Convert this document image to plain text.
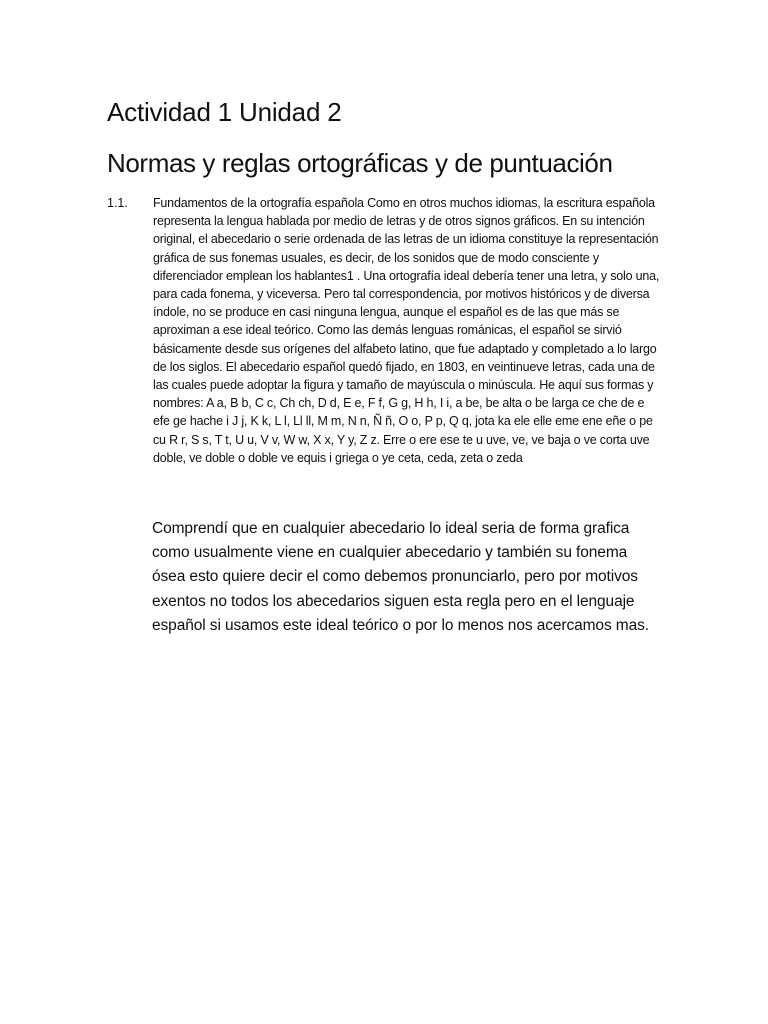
Actividad 1 Unidad 2
Normas y reglas ortográficas y de puntuación
1.1. Fundamentos de la ortografía española Como en otros muchos idiomas, la escritura española representa la lengua hablada por medio de letras y de otros signos gráficos. En su intención original, el abecedario o serie ordenada de las letras de un idioma constituye la representación gráfica de sus fonemas usuales, es decir, de los sonidos que de modo consciente y diferenciador emplean los hablantes1 . Una ortografía ideal debería tener una letra, y solo una, para cada fonema, y viceversa. Pero tal correspondencia, por motivos históricos y de diversa índole, no se produce en casi ninguna lengua, aunque el español es de las que más se aproximan a ese ideal teórico. Como las demás lenguas románicas, el español se sirvió básicamente desde sus orígenes del alfabeto latino, que fue adaptado y completado a lo largo de los siglos. El abecedario español quedó fijado, en 1803, en veintinueve letras, cada una de las cuales puede adoptar la figura y tamaño de mayúscula o minúscula. He aquí sus formas y nombres: A a, B b, C c, Ch ch, D d, E e, F f, G g, H h, I i, a be, be alta o be larga ce che de e efe ge hache i J j, K k, L l, Ll ll, M m, N n, Ñ ñ, O o, P p, Q q, jota ka ele elle eme ene eñe o pe cu R r, S s, T t, U u, V v, W w, X x, Y y, Z z. Erre o ere ese te u uve, ve, ve baja o ve corta uve doble, ve doble o doble ve equis i griega o ye ceta, ceda, zeta o zeda

Comprendí que en cualquier abecedario lo ideal seria de forma grafica como usualmente viene en cualquier abecedario y también su fonema ósea esto quiere decir el como debemos pronunciarlo, pero por motivos exentos no todos los abecedarios siguen esta regla pero en el lenguaje español si usamos este ideal teórico o por lo menos nos acercamos mas.
